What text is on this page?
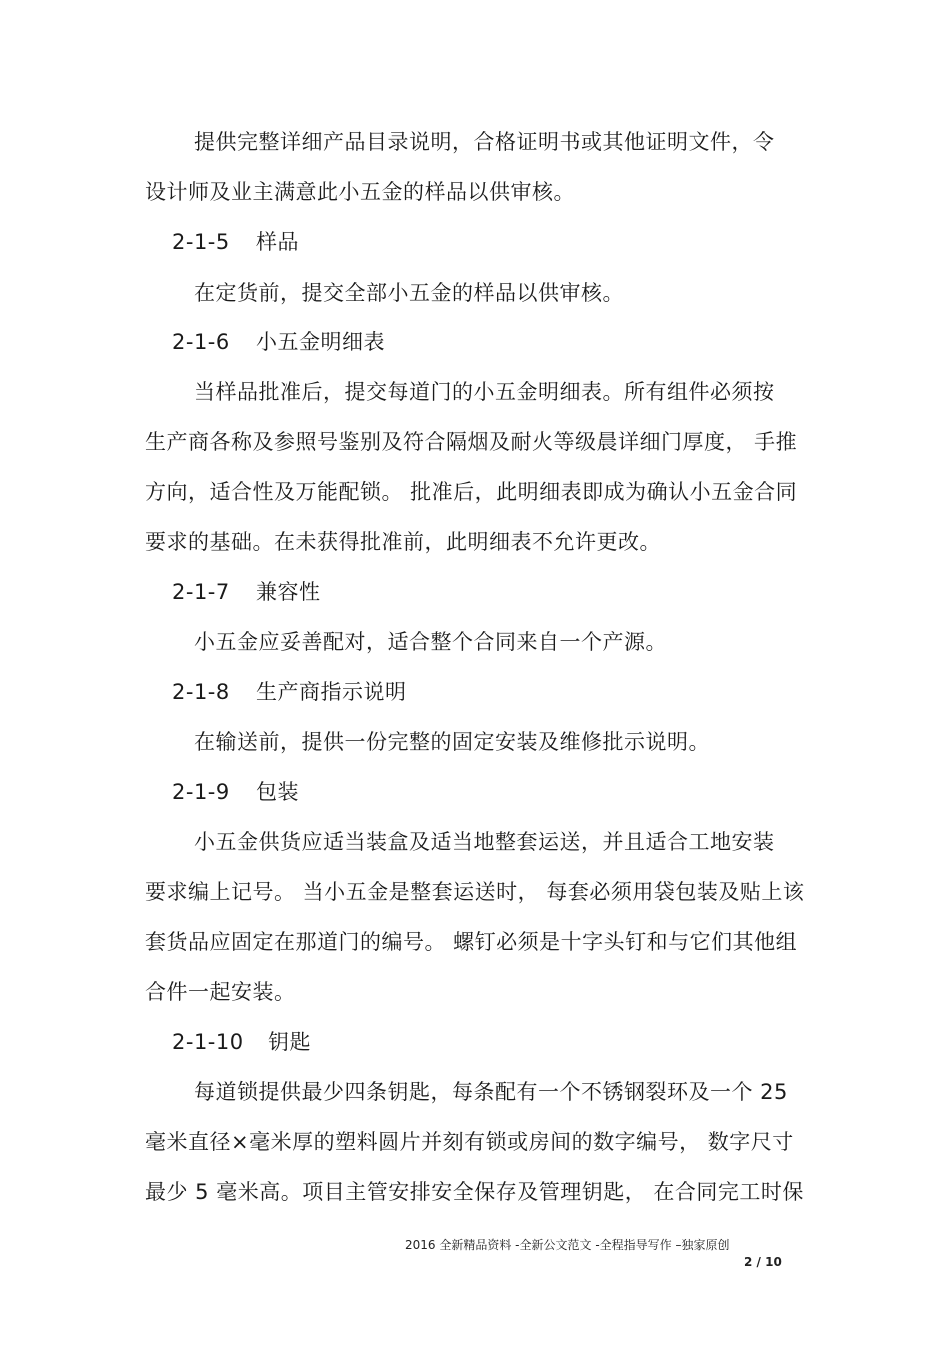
提供完整详细产品目录说明，合格证明书或其他证明文件，令
设计师及业主满意此小五金的样品以供审核。
2-1-5 样品
在定货前，提交全部小五金的样品以供审核。
2-1-6 小五金明细表
当样品批准后，提交每道门的小五金明细表。所有组件必须按
生产商各称及参照号鉴别及符合隔烟及耐火等级晨详细门厚度， 手推
方向，适合性及万能配锁。 批准后，此明细表即成为确认小五金合同
要求的基础。在未获得批准前，此明细表不允许更改。
2-1-7 兼容性
小五金应妥善配对，适合整个合同来自一个产源。
2-1-8 生产商指示说明
在输送前，提供一份完整的固定安装及维修批示说明。
2-1-9 包装
小五金供货应适当装盒及适当地整套运送，并且适合工地安装
要求编上记号。 当小五金是整套运送时， 每套必须用袋包装及贴上该
套货品应固定在那道门的编号。 螺钉必须是十字头钉和与它们其他组
合件一起安装。
2-1-10 钥匙
每道锁提供最少四条钥匙，每条配有一个不锈钢裂环及一个 25
毫米直径×毫米厚的塑料圆片并刻有锁或房间的数字编号， 数字尺寸
最少 5 毫米高。项目主管安排安全保存及管理钥匙， 在合同完工时保
2016 全新精品资料 -全新公文范文 -全程指导写作 –独家原创
2 / 10
